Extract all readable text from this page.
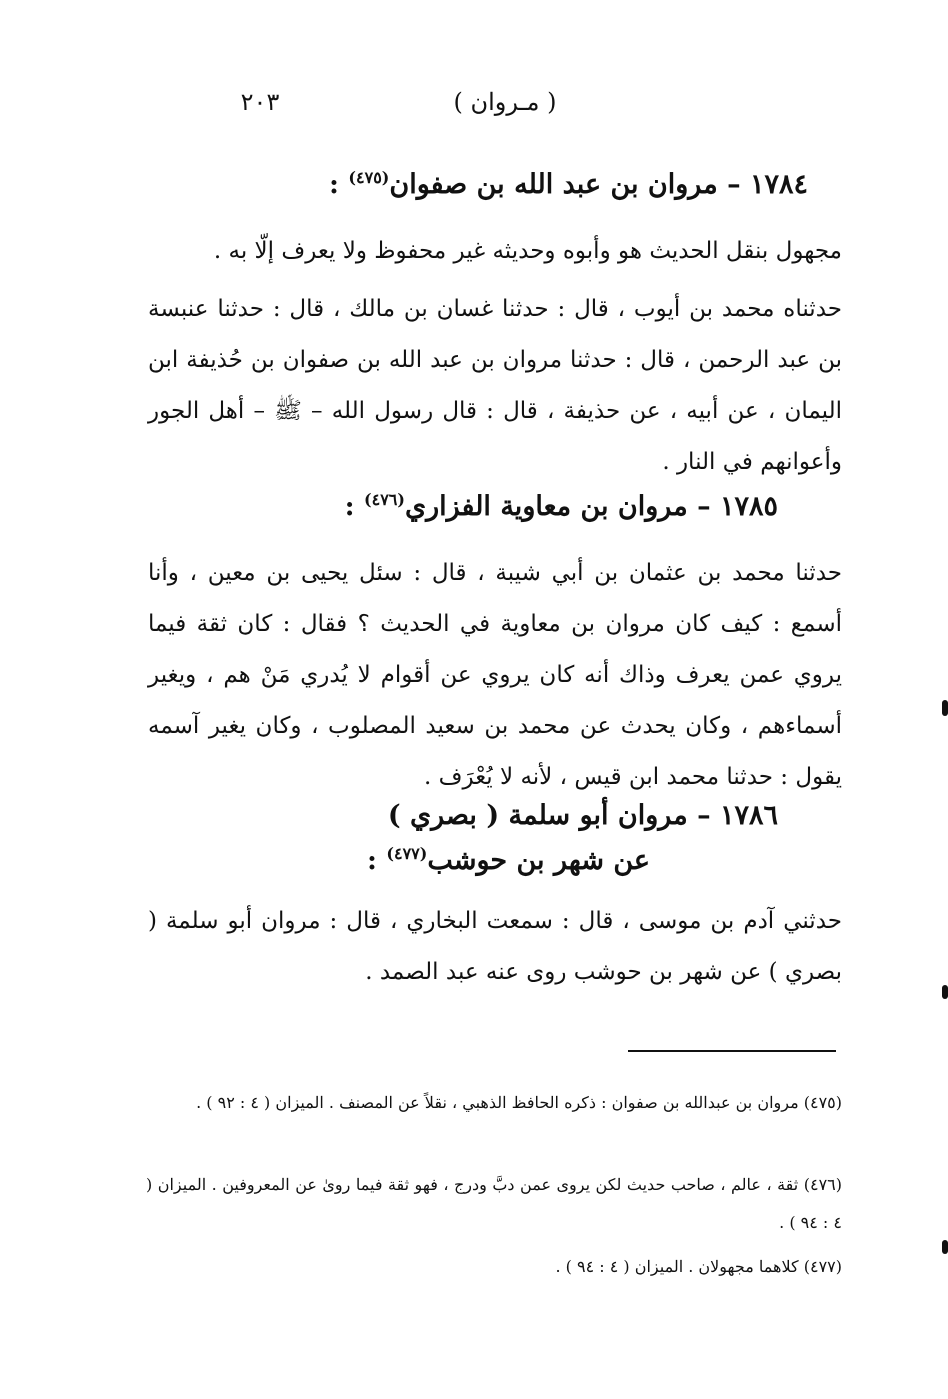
( مـروان )
٢٠٣
١٧٨٤ – مروان بن عبد الله بن صفوان$^{(٤٧٥)}$ :
مجهول بنقل الحديث هو وأبوه وحديثه غير محفوظ ولا يعرف إلّا به .
حدثناه محمد بن أيوب ، قال : حدثنا غسان بن مالك ، قال : حدثنا عنبسة بن عبد الرحمن ، قال : حدثنا مروان بن عبد الله بن صفوان بن حُذيفة ابن اليمان ، عن أبيه ، عن حذيفة ، قال : قال رسول الله – ﷺ – أهل الجور وأعوانهم في النار .
١٧٨٥ – مروان بن معاوية الفزاري$^{(٤٧٦)}$ :
حدثنا محمد بن عثمان بن أبي شيبة ، قال : سئل يحيى بن معين ، وأنا أسمع : كيف كان مروان بن معاوية في الحديث ؟ فقال : كان ثقة فيما يروي عمن يعرف وذاك أنه كان يروي عن أقوام لا يُدري مَنْ هم ، ويغير أسماءهم ، وكان يحدث عن محمد بن سعيد المصلوب ، وكان يغير آسمه يقول : حدثنا محمد ابن قيس ، لأنه لا يُعْرَف .
١٧٨٦ – مروان أبو سلمة ( بصري )
عن شهر بن حوشب$^{(٤٧٧)}$ :
حدثني آدم بن موسى ، قال : سمعت البخاري ، قال : مروان أبو سلمة ( بصري ) عن شهر بن حوشب روى عنه عبد الصمد .
(٤٧٥) مروان بن عبدالله بن صفوان : ذكره الحافظ الذهبي ، نقلاً عن المصنف . الميزان ( ٤ : ٩٢ ) .
(٤٧٦) ثقة ، عالم ، صاحب حديث لكن يروى عمن دبَّ ودرج ، فهو ثقة فيما روىٰ عن المعروفين . الميزان ( ٤ : ٩٤ ) .
(٤٧٧) كلاهما مجهولان . الميزان ( ٤ : ٩٤ ) .
